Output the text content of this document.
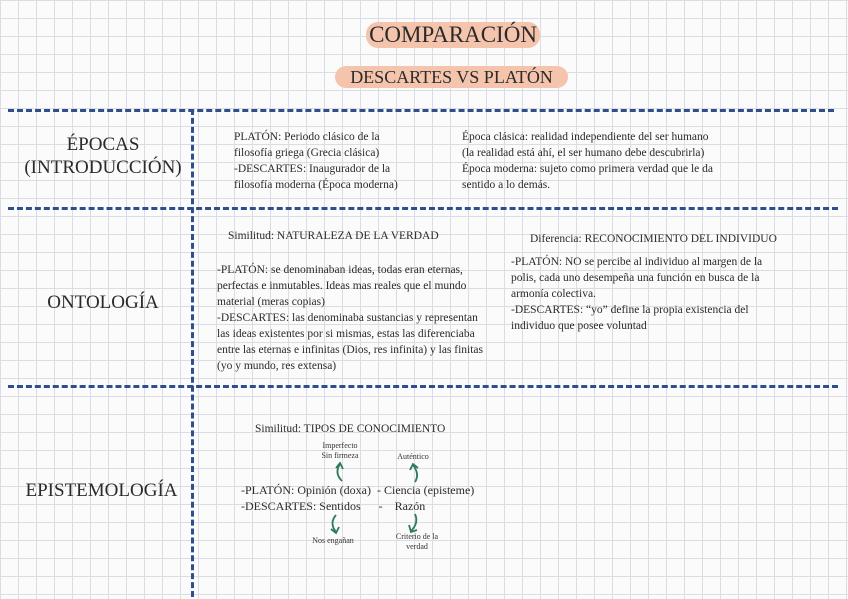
COMPARACIÓN
DESCARTES VS PLATÓN
ÉPOCAS
(INTRODUCCIÓN)
PLATÓN: Periodo clásico de la
filosofía griega (Grecia clásica)
-DESCARTES: Inaugurador de la
filosofía moderna (Época moderna)
Época clásica: realidad independiente del ser humano
(la realidad está ahí, el ser humano debe descubrirla)
Época moderna: sujeto como primera verdad que le da
sentido a lo demás.
ONTOLOGÍA
Similitud: NATURALEZA DE LA VERDAD
-PLATÓN: se denominaban ideas, todas eran eternas,
perfectas e inmutables. Ideas mas reales que el mundo
material (meras copias)
-DESCARTES: las denominaba sustancias y representan
las ideas existentes por si mismas, estas las diferenciaba
entre las eternas e infinitas (Dios, res infinita) y las finitas
(yo y mundo, res extensa)
Diferencia: RECONOCIMIENTO DEL INDIVIDUO
-PLATÓN: NO se percibe al individuo al margen de la
polis, cada uno desempeña una función en busca de la
armonía colectiva.
-DESCARTES: “yo” define la propia existencia del
individuo que posee voluntad
EPISTEMOLOGÍA
Similitud: TIPOS DE CONOCIMIENTO
Imperfecto
Sin firmeza	Auténtico
-PLATÓN: Opinión (doxa)  - Ciencia (episteme)
-DESCARTES: Sentidos      -    Razón
Nos engañan	Criterio de la
verdad
